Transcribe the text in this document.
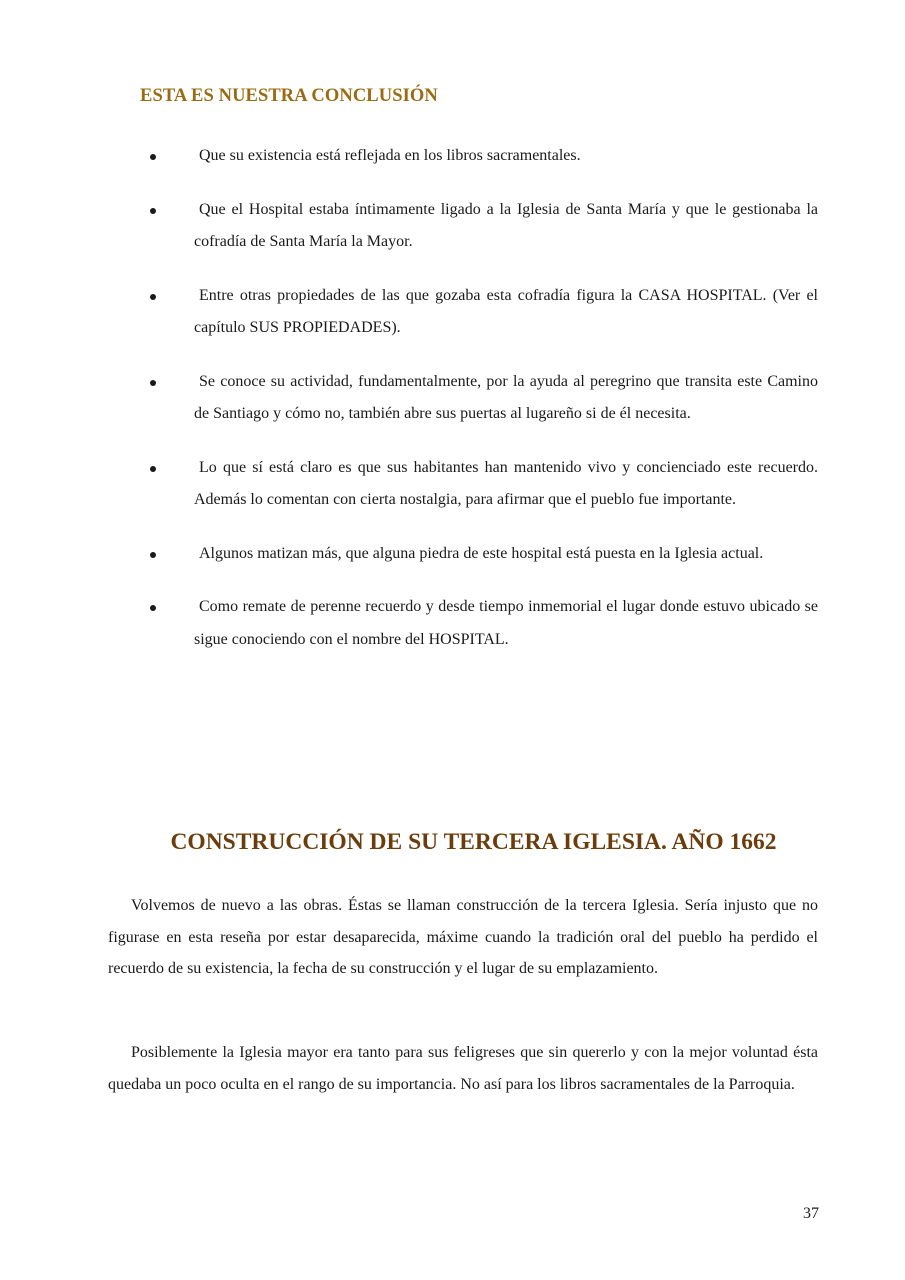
ESTA ES NUESTRA CONCLUSIÓN
Que su existencia está reflejada en los libros sacramentales.
Que el Hospital estaba íntimamente ligado a la Iglesia de Santa María y que le gestionaba la cofradía de Santa María la Mayor.
Entre otras propiedades de las que gozaba esta cofradía figura la CASA HOSPITAL. (Ver el capítulo SUS PROPIEDADES).
Se conoce su actividad, fundamentalmente, por la ayuda al peregrino que transita este Camino de Santiago y cómo no, también abre sus puertas al lugareño si de él necesita.
Lo que sí está claro es que sus habitantes han mantenido vivo y concienciado este recuerdo. Además lo comentan con cierta nostalgia, para afirmar que el pueblo fue importante.
Algunos matizan más, que alguna piedra de este hospital está puesta en la Iglesia actual.
Como remate de perenne recuerdo y desde tiempo inmemorial el lugar donde estuvo ubicado se sigue conociendo con el nombre del HOSPITAL.
CONSTRUCCIÓN DE SU TERCERA IGLESIA. AÑO 1662

Volvemos de nuevo a las obras. Éstas se llaman construcción de la tercera Iglesia. Sería injusto que no figurase en esta reseña por estar desaparecida, máxime cuando la tradición oral del pueblo ha perdido el recuerdo de su existencia, la fecha de su construcción y el lugar de su emplazamiento.

Posiblemente la Iglesia mayor era tanto para sus feligreses que sin quererlo y con la mejor voluntad ésta quedaba un poco oculta en el rango de su importancia. No así para los libros sacramentales de la Parroquia.

37
